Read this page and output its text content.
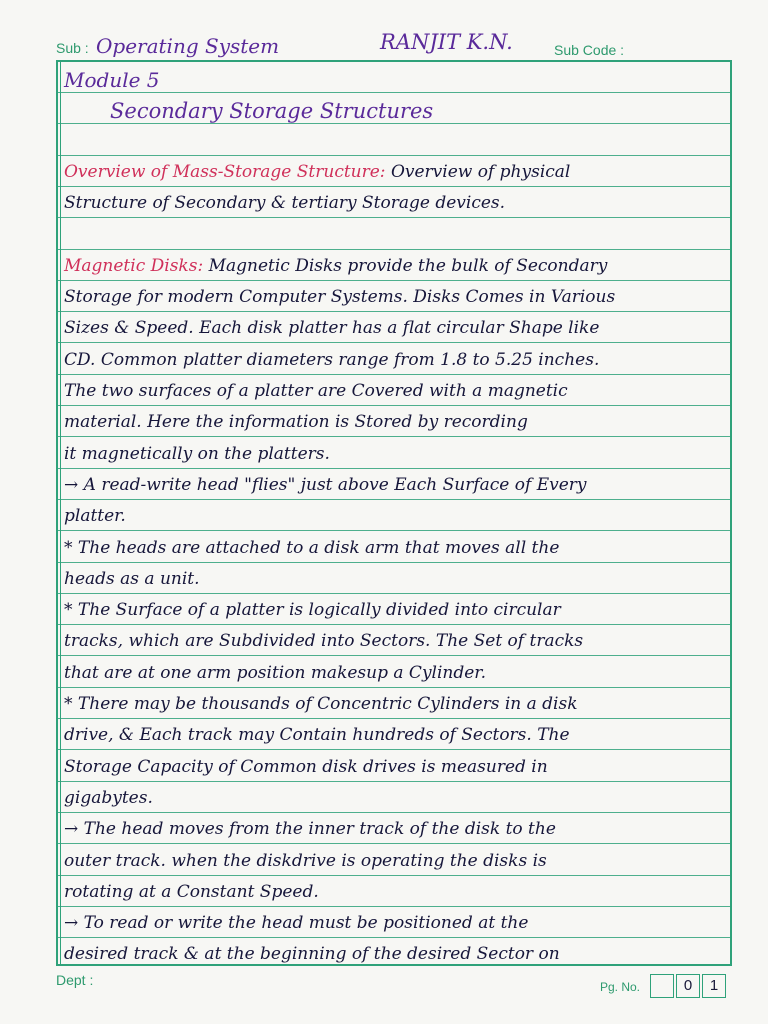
Sub : Operating System	RANJIT K.N.	Sub Code :
Module 5
Secondary Storage Structures
Overview of Mass-Storage Structure: Overview of physical
Structure of Secondary & tertiary Storage devices.
Magnetic Disks: Magnetic Disks provide the bulk of Secondary
Storage for modern Computer Systems. Disks Comes in Various
Sizes & Speed. Each disk platter has a flat circular Shape like
CD. Common platter diameters range from 1.8 to 5.25 inches.
The two surfaces of a platter are Covered with a magnetic
material. Here the information is Stored by recording
it magnetically on the platters.
→ A read-write head "flies" just above Each Surface of Every
platter.
* The heads are attached to a disk arm that moves all the
heads as a unit.
* The Surface of a platter is logically divided into circular
tracks, which are Subdivided into Sectors. The Set of tracks
that are at one arm position makesup a Cylinder.
* There may be thousands of Concentric Cylinders in a disk
drive, & Each track may Contain hundreds of Sectors. The
Storage Capacity of Common disk drives is measured in
gigabytes.
→ The head moves from the inner track of the disk to the
outer track. when the diskdrive is operating the disks is
rotating at a Constant Speed.
→ To read or write the head must be positioned at the
desired track & at the beginning of the desired Sector on
Dept :	Pg. No.	0	1
